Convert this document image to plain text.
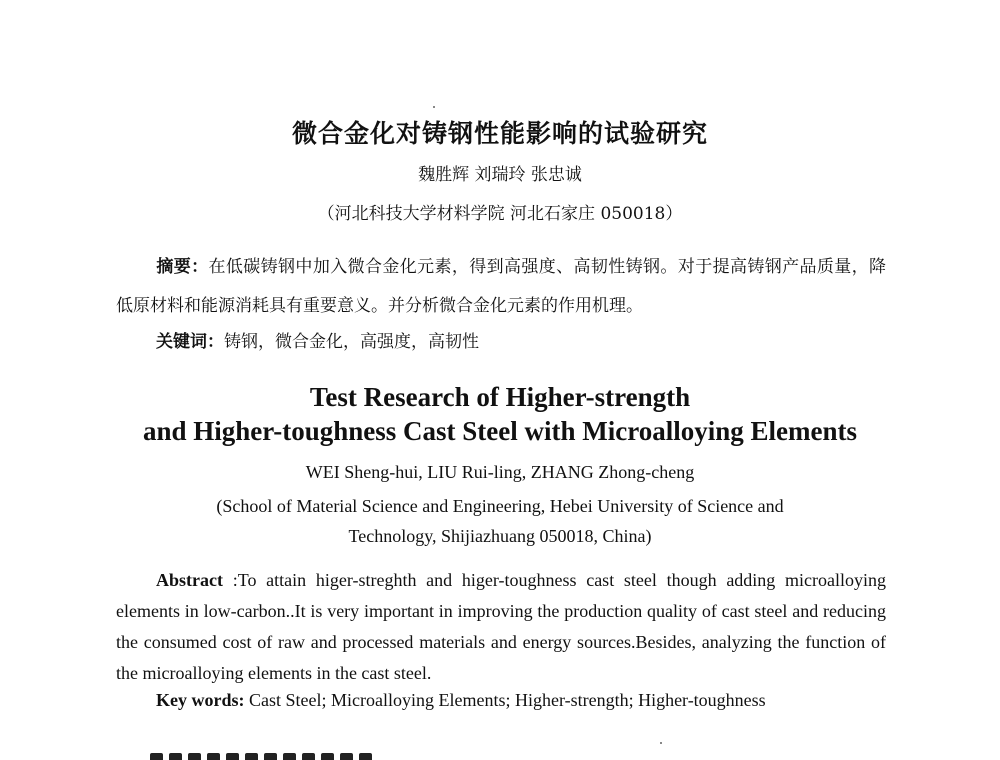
微合金化对铸钢性能影响的试验研究
魏胜辉 刘瑞玲 张忠诚
（河北科技大学材料学院 河北石家庄 050018）
摘要：在低碳铸钢中加入微合金化元素，得到高强度、高韧性铸钢。对于提高铸钢产品质量，降低原材料和能源消耗具有重要意义。并分析微合金化元素的作用机理。
关键词：铸钢，微合金化，高强度，高韧性
Test Research of Higher-strength
and Higher-toughness Cast Steel with Microalloying Elements
WEI Sheng-hui, LIU Rui-ling, ZHANG Zhong-cheng
(School of Material Science and Engineering, Hebei University of Science and
Technology, Shijiazhuang 050018, China)
Abstract :To attain higer-streghth and higer-toughness cast steel though adding microalloying elements in low-carbon..It is very important in improving the production quality of cast steel and reducing the consumed cost of raw and processed materials and energy sources.Besides, analyzing the function of the microalloying elements in the cast steel.
Key words: Cast Steel; Microalloying Elements; Higher-strength; Higher-toughness
